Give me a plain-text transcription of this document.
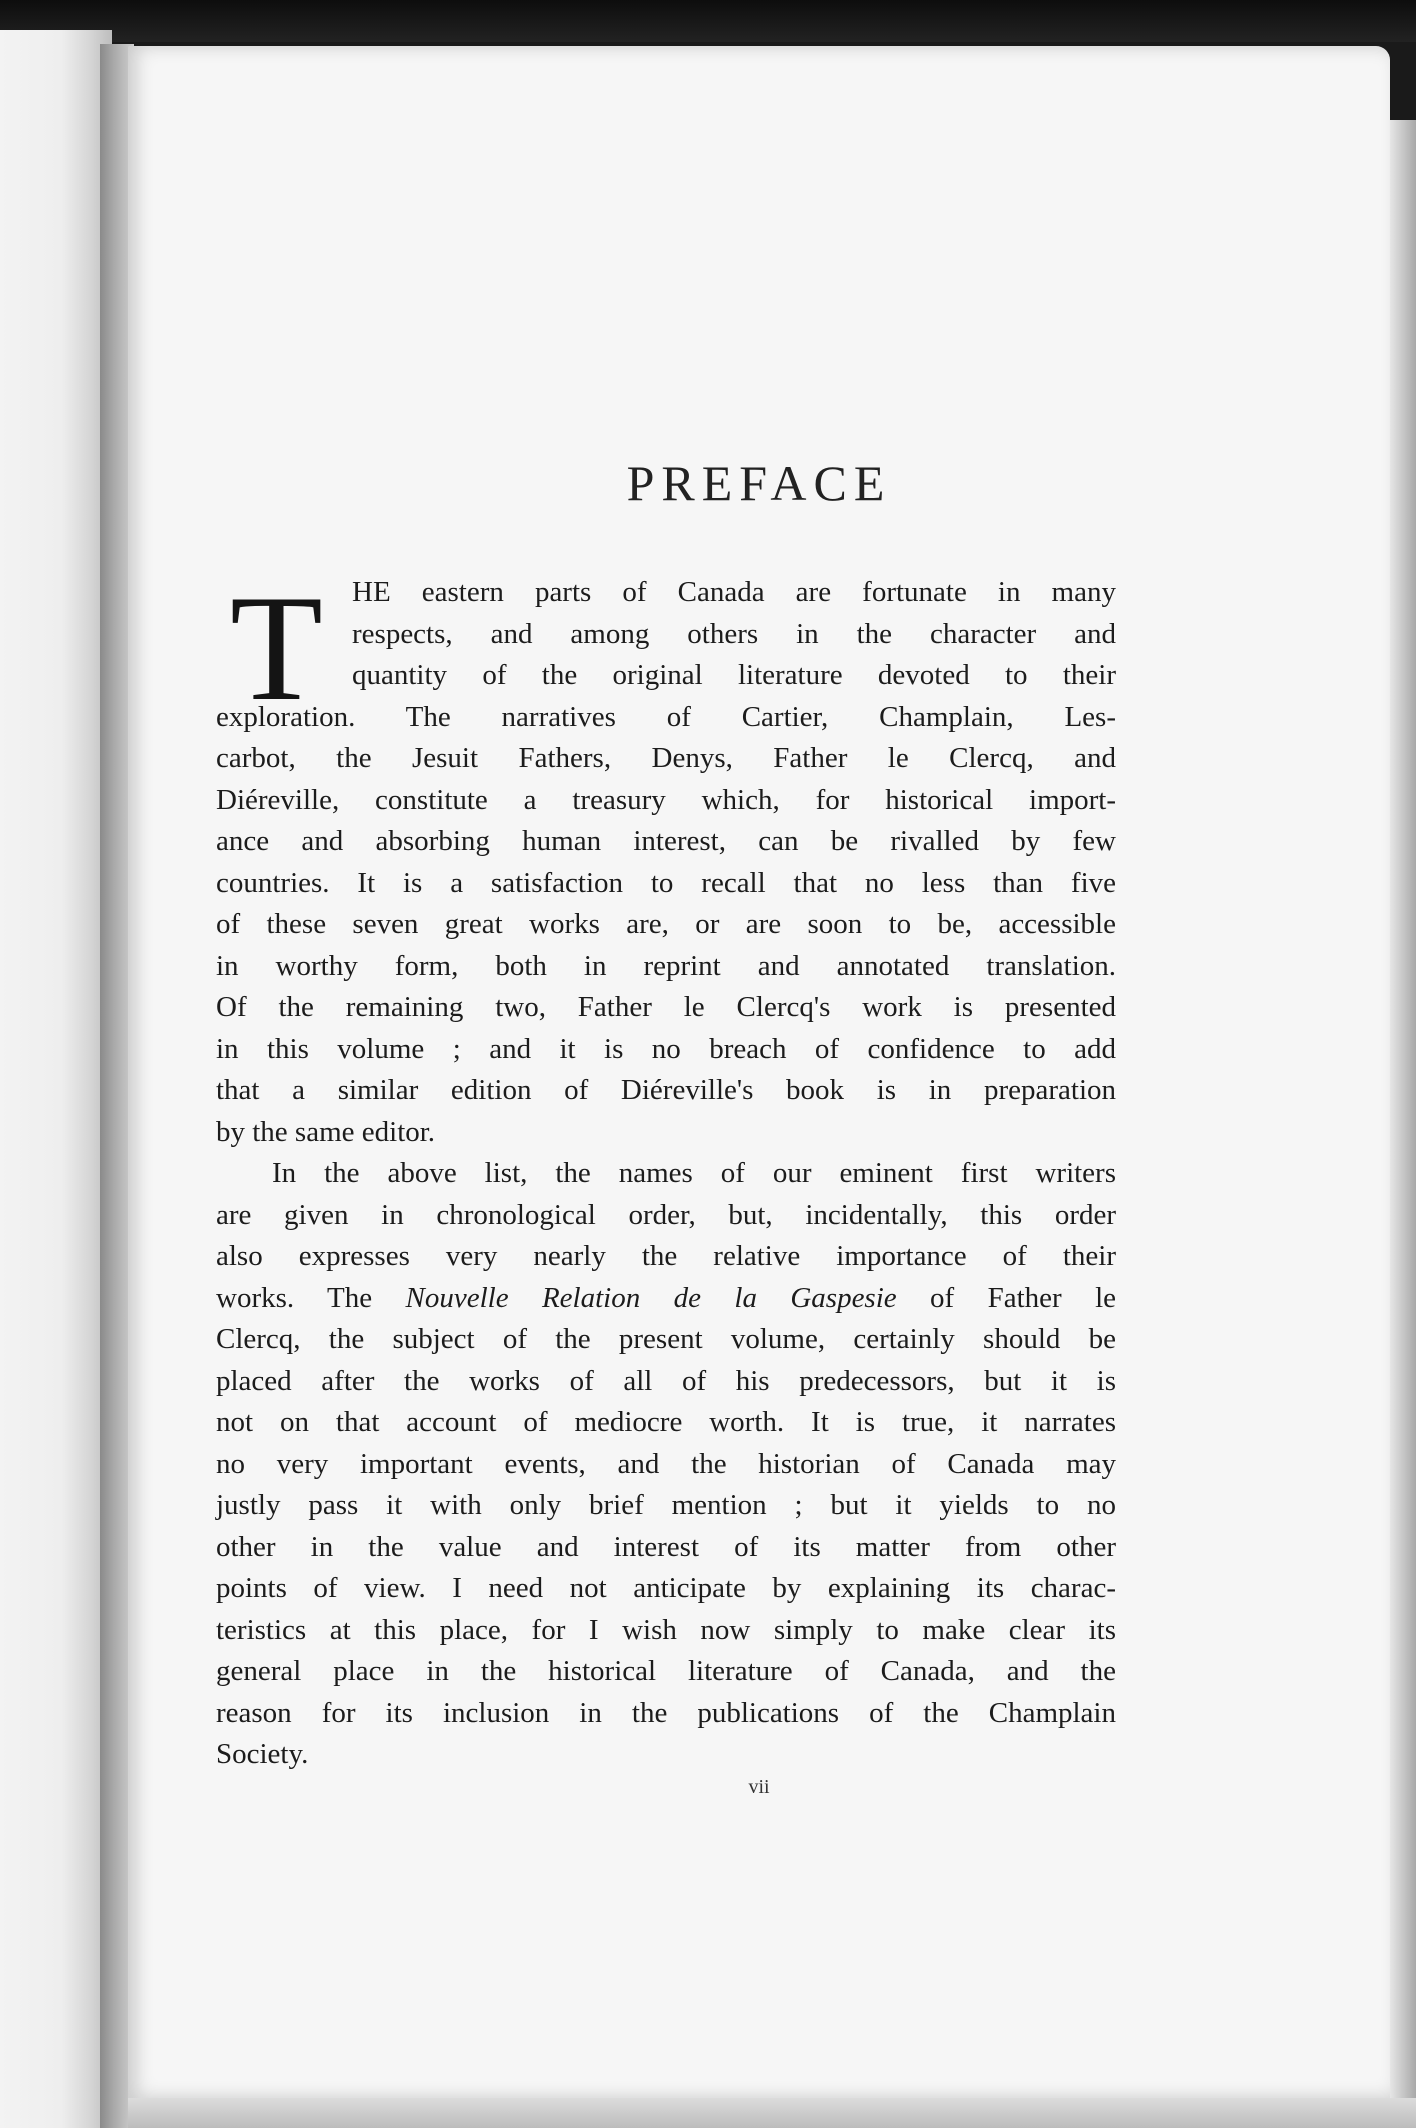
PREFACE
T HE eastern parts of Canada are fortunate in many
respects, and among others in the character and
quantity of the original literature devoted to their
exploration. The narratives of Cartier, Champlain, Les-
carbot, the Jesuit Fathers, Denys, Father le Clercq, and
Diéreville, constitute a treasury which, for historical import-
ance and absorbing human interest, can be rivalled by few
countries. It is a satisfaction to recall that no less than five
of these seven great works are, or are soon to be, accessible
in worthy form, both in reprint and annotated translation.
Of the remaining two, Father le Clercq's work is presented
in this volume ; and it is no breach of confidence to add
that a similar edition of Diéreville's book is in preparation
by the same editor.
In the above list, the names of our eminent first writers
are given in chronological order, but, incidentally, this order
also expresses very nearly the relative importance of their
works. The Nouvelle Relation de la Gaspesie of Father le
Clercq, the subject of the present volume, certainly should be
placed after the works of all of his predecessors, but it is
not on that account of mediocre worth. It is true, it narrates
no very important events, and the historian of Canada may
justly pass it with only brief mention ; but it yields to no
other in the value and interest of its matter from other
points of view. I need not anticipate by explaining its charac-
teristics at this place, for I wish now simply to make clear its
general place in the historical literature of Canada, and the
reason for its inclusion in the publications of the Champlain
Society.
vii
